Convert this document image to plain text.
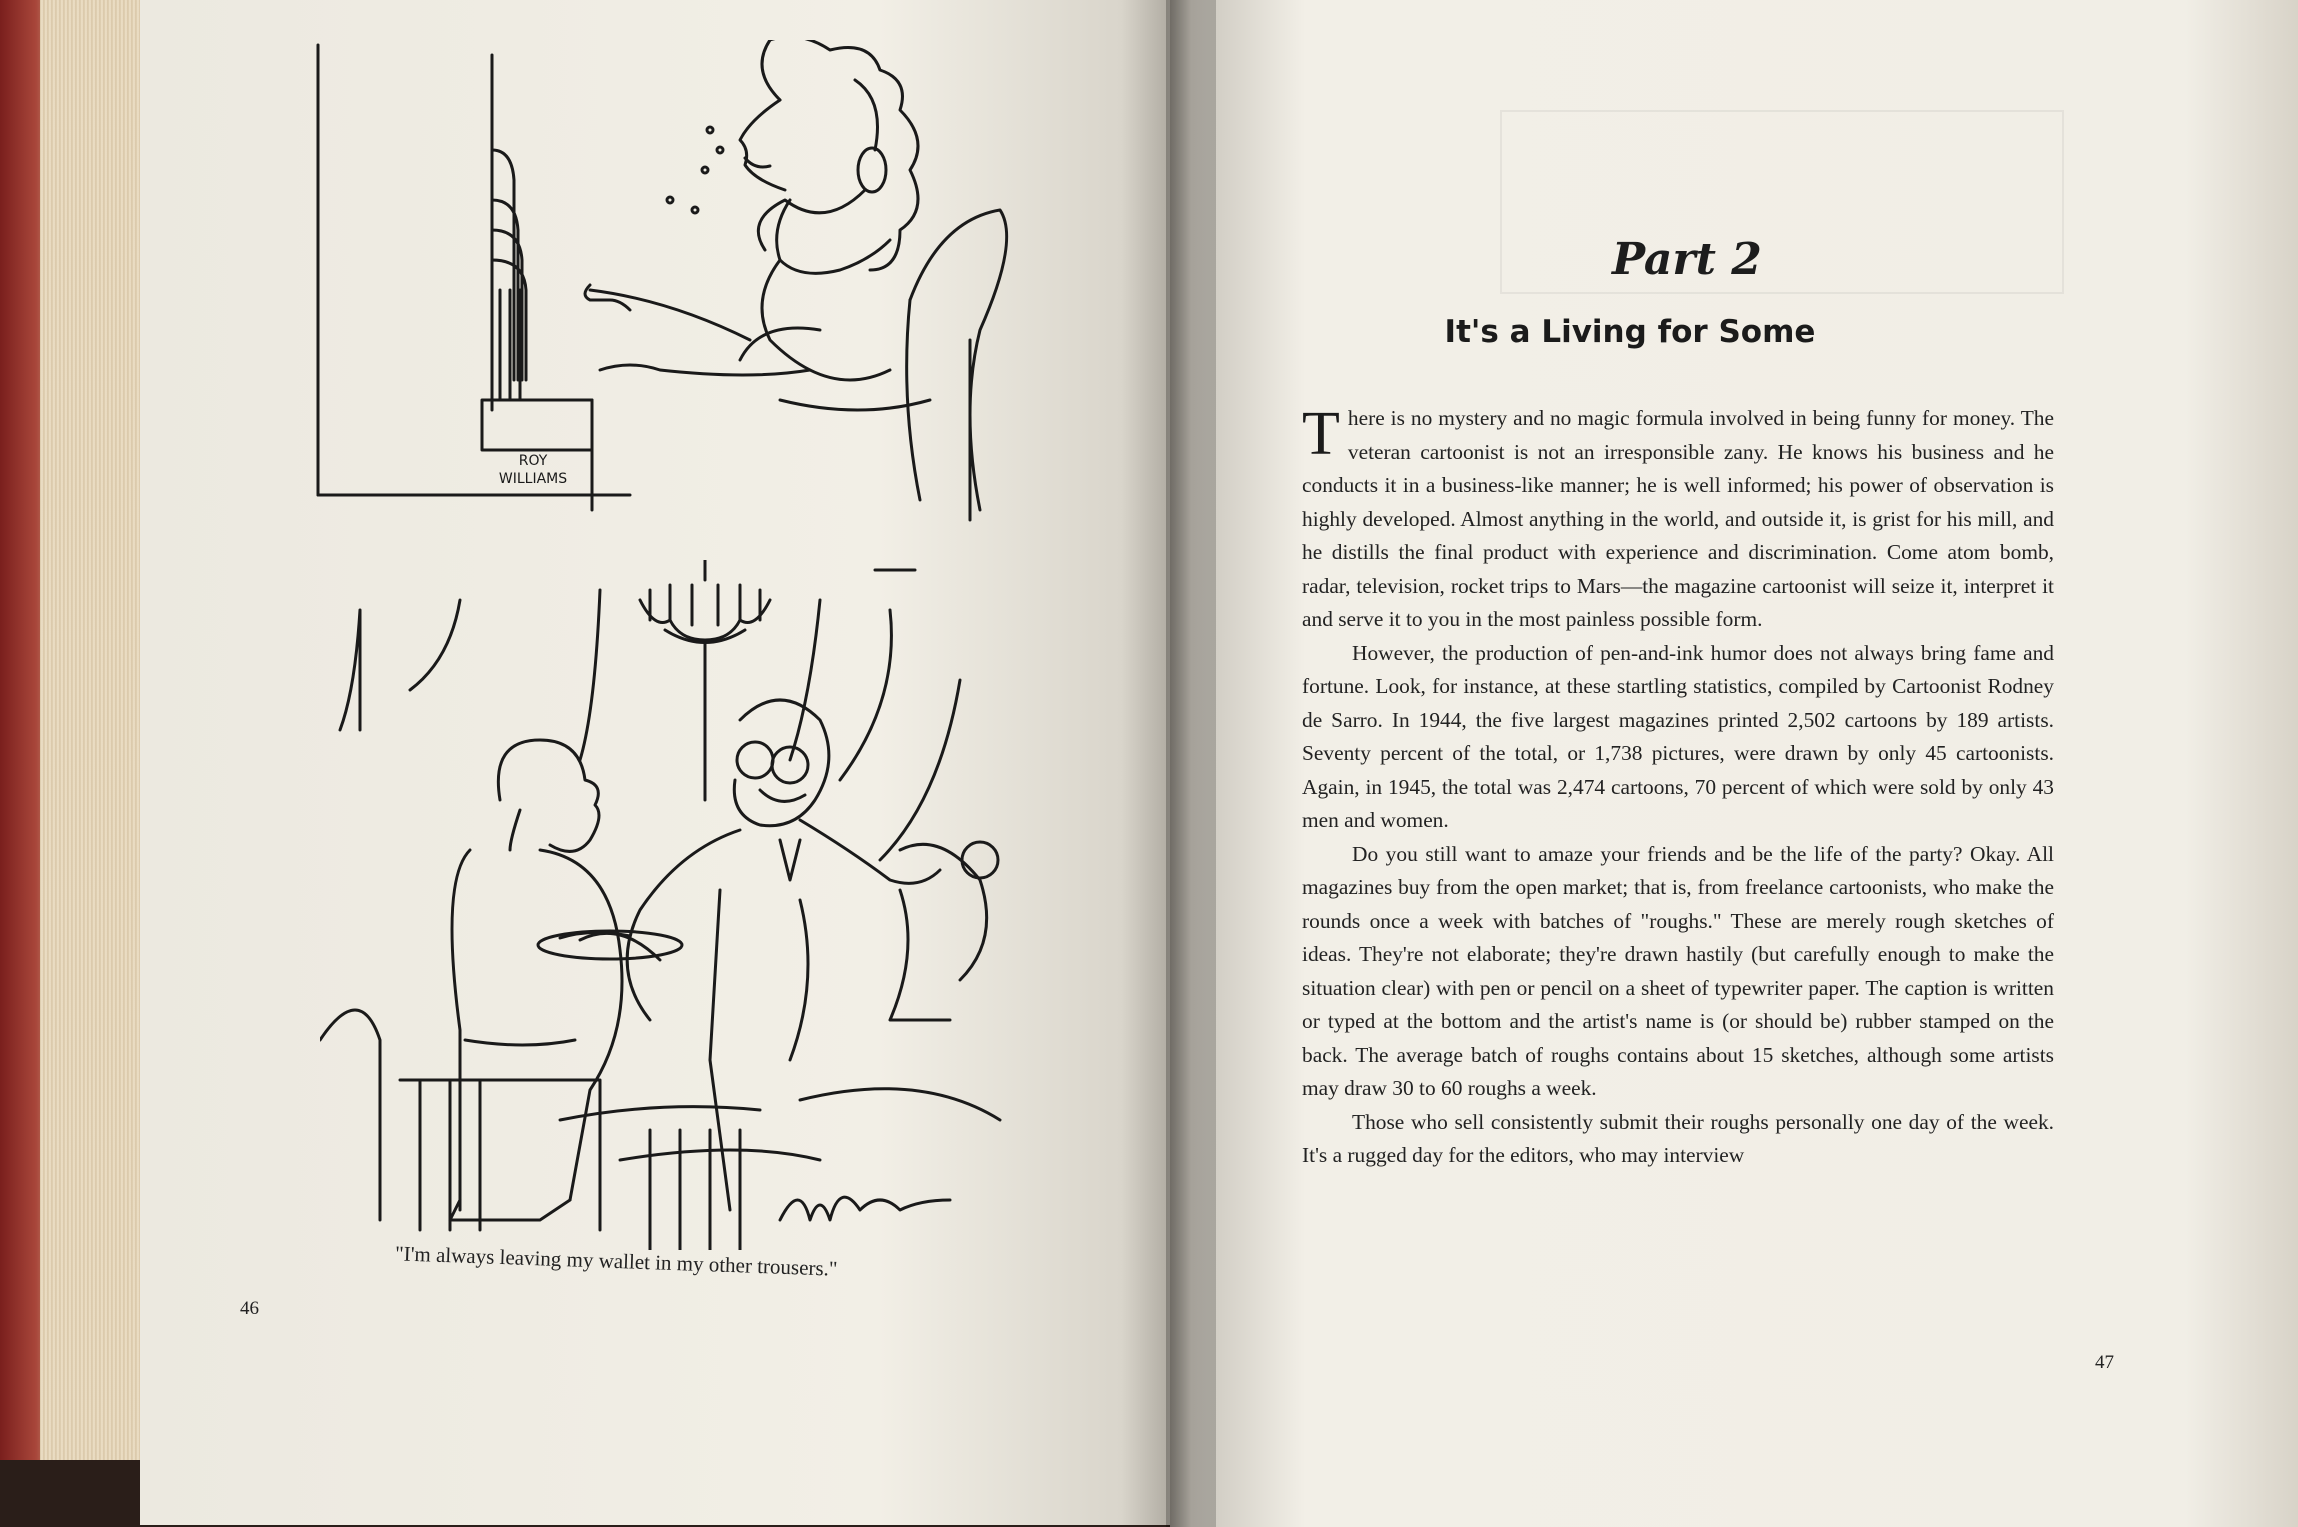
ROY WILLIAMS
"I'm always leaving my wallet in my other trousers."
46
Part 2
It's a Living for Some

There is no mystery and no magic formula involved in being funny for money. The veteran cartoonist is not an irresponsible zany. He knows his business and he conducts it in a business-like manner; he is well informed; his power of observation is highly developed. Almost anything in the world, and outside it, is grist for his mill, and he distills the final product with experience and discrimination. Come atom bomb, radar, television, rocket trips to Mars—the magazine cartoonist will seize it, interpret it and serve it to you in the most painless possible form.

However, the production of pen-and-ink humor does not always bring fame and fortune. Look, for instance, at these startling statistics, compiled by Cartoonist Rodney de Sarro. In 1944, the five largest magazines printed 2,502 cartoons by 189 artists. Seventy percent of the total, or 1,738 pictures, were drawn by only 45 cartoonists. Again, in 1945, the total was 2,474 cartoons, 70 percent of which were sold by only 43 men and women.

Do you still want to amaze your friends and be the life of the party? Okay. All magazines buy from the open market; that is, from freelance cartoonists, who make the rounds once a week with batches of "roughs." These are merely rough sketches of ideas. They're not elaborate; they're drawn hastily (but carefully enough to make the situation clear) with pen or pencil on a sheet of typewriter paper. The caption is written or typed at the bottom and the artist's name is (or should be) rubber stamped on the back. The average batch of roughs contains about 15 sketches, although some artists may draw 30 to 60 roughs a week.

Those who sell consistently submit their roughs personally one day of the week. It's a rugged day for the editors, who may interview

47
